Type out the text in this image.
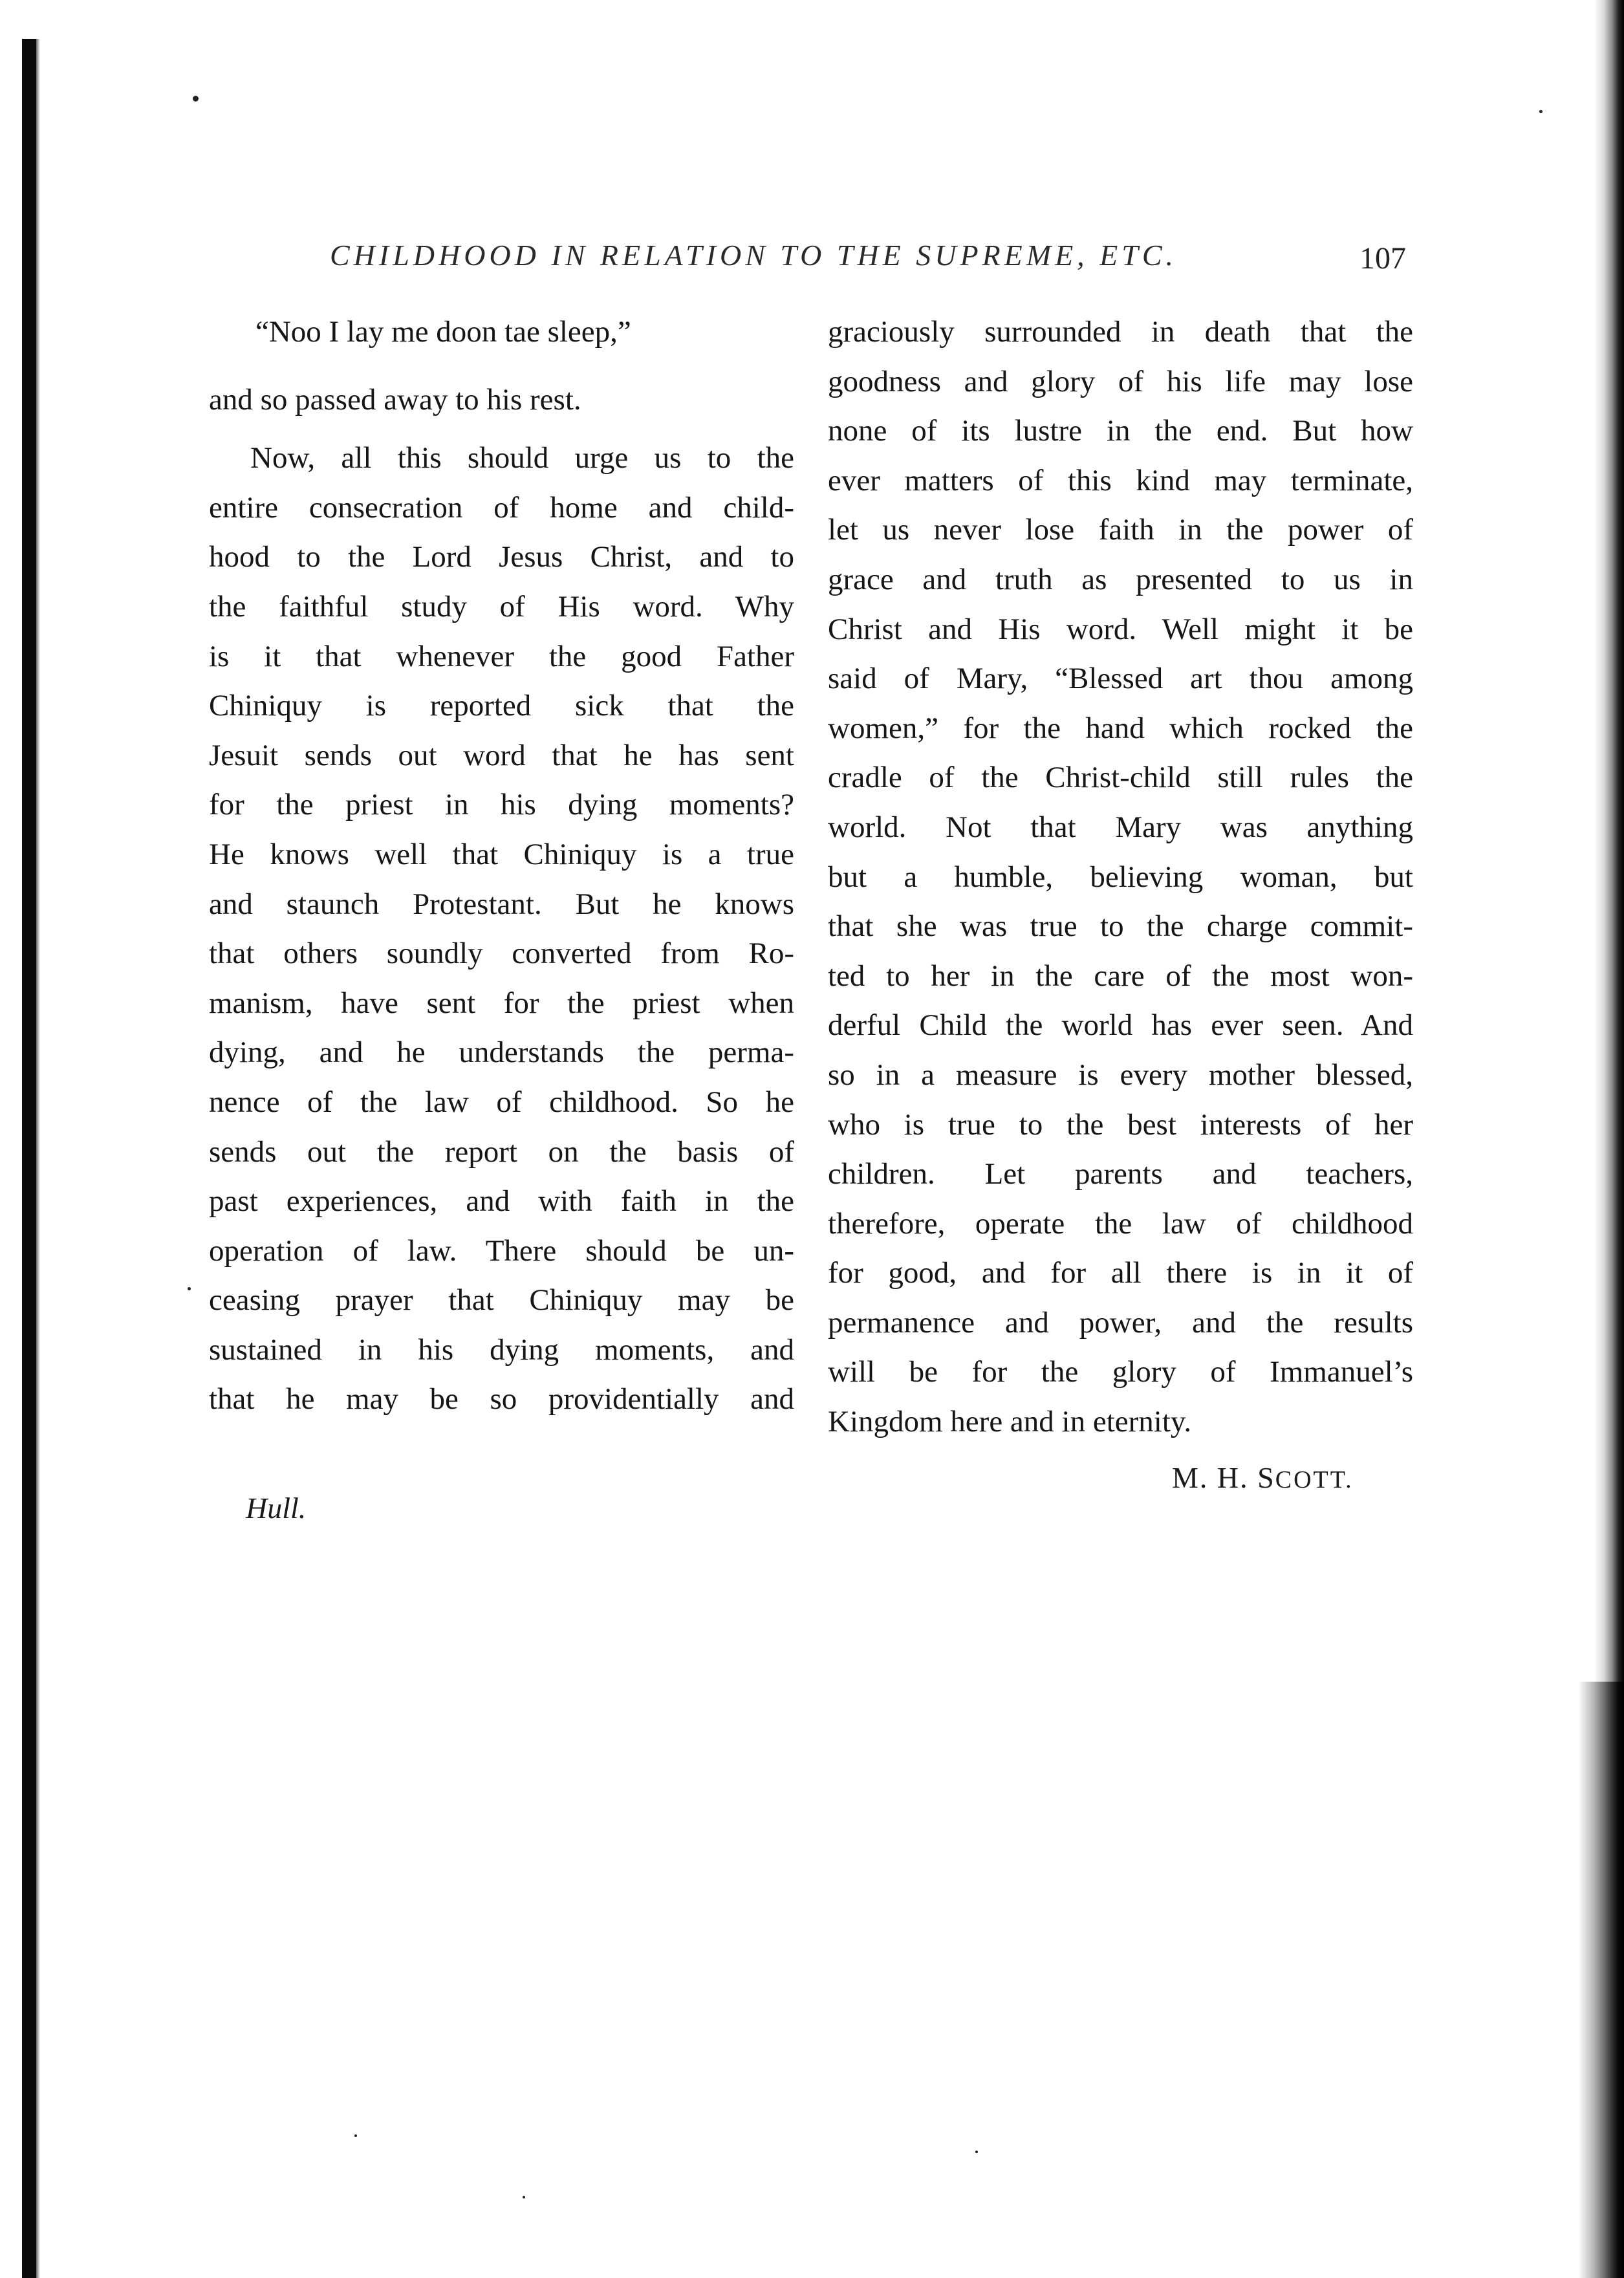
CHILDHOOD IN RELATION TO THE SUPREME, ETC.	107

“Noo I lay me doon tae sleep,”

and so passed away to his rest.

Now, all this should urge us to the
entire consecration of home and child-
hood to the Lord Jesus Christ, and to
the faithful study of His word. Why
is it that whenever the good Father
Chiniquy is reported sick that the
Jesuit sends out word that he has sent
for the priest in his dying moments?
He knows well that Chiniquy is a true
and staunch Protestant. But he knows
that others soundly converted from Ro-
manism, have sent for the priest when
dying, and he understands the perma-
nence of the law of childhood. So he
sends out the report on the basis of
past experiences, and with faith in the
operation of law. There should be un-
ceasing prayer that Chiniquy may be
sustained in his dying moments, and
that he may be so providentially and
graciously surrounded in death that the
goodness and glory of his life may lose
none of its lustre in the end. But how
ever matters of this kind may terminate,
let us never lose faith in the power of
grace and truth as presented to us in
Christ and His word. Well might it be
said of Mary, “Blessed art thou among
women,” for the hand which rocked the
cradle of the Christ-child still rules the
world. Not that Mary was anything
but a humble, believing woman, but
that she was true to the charge commit-
ted to her in the care of the most won-
derful Child the world has ever seen. And
so in a measure is every mother blessed,
who is true to the best interests of her
children. Let parents and teachers,
therefore, operate the law of childhood
for good, and for all there is in it of
permanence and power, and the results
will be for the glory of Immanuel’s
Kingdom here and in eternity.
M. H. SCOTT.
Hull.
